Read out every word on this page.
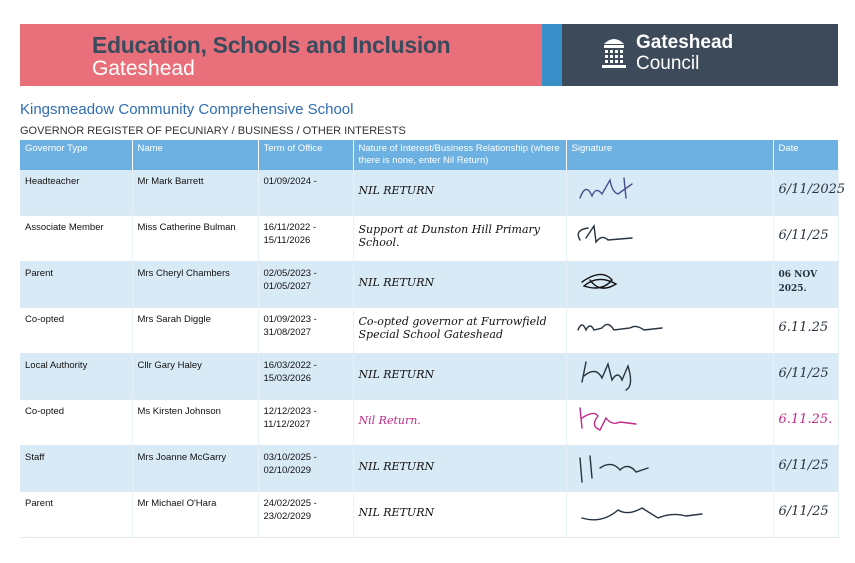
Education, Schools and Inclusion
Gateshead
Gateshead
Council
Kingsmeadow Community Comprehensive School
GOVERNOR REGISTER OF PECUNIARY / BUSINESS / OTHER INTERESTS
Governor Type	Name	Term of Office	Nature of Interest/Business Relationship (where there is none, enter Nil Return)	Signature	Date
Headteacher	Mr Mark Barrett	01/09/2024 -	NIL RETURN		6/11/2025
Associate Member	Miss Catherine Bulman	16/11/2022 - 15/11/2026	Support at Dunston Hill Primary School.		6/11/25
Parent	Mrs Cheryl Chambers	02/05/2023 - 01/05/2027	NIL RETURN		06 NOV 2025.
Co-opted	Mrs Sarah Diggle	01/09/2023 - 31/08/2027	Co-opted governor at Furrowfield Special School Gateshead		6.11.25
Local Authority	Cllr Gary Haley	16/03/2022 - 15/03/2026	NIL RETURN		6/11/25
Co-opted	Ms Kirsten Johnson	12/12/2023 - 11/12/2027	Nil Return.		6.11.25.
Staff	Mrs Joanne McGarry	03/10/2025 - 02/10/2029	NIL RETURN		6/11/25
Parent	Mr Michael O'Hara	24/02/2025 - 23/02/2029	NIL RETURN		6/11/25
